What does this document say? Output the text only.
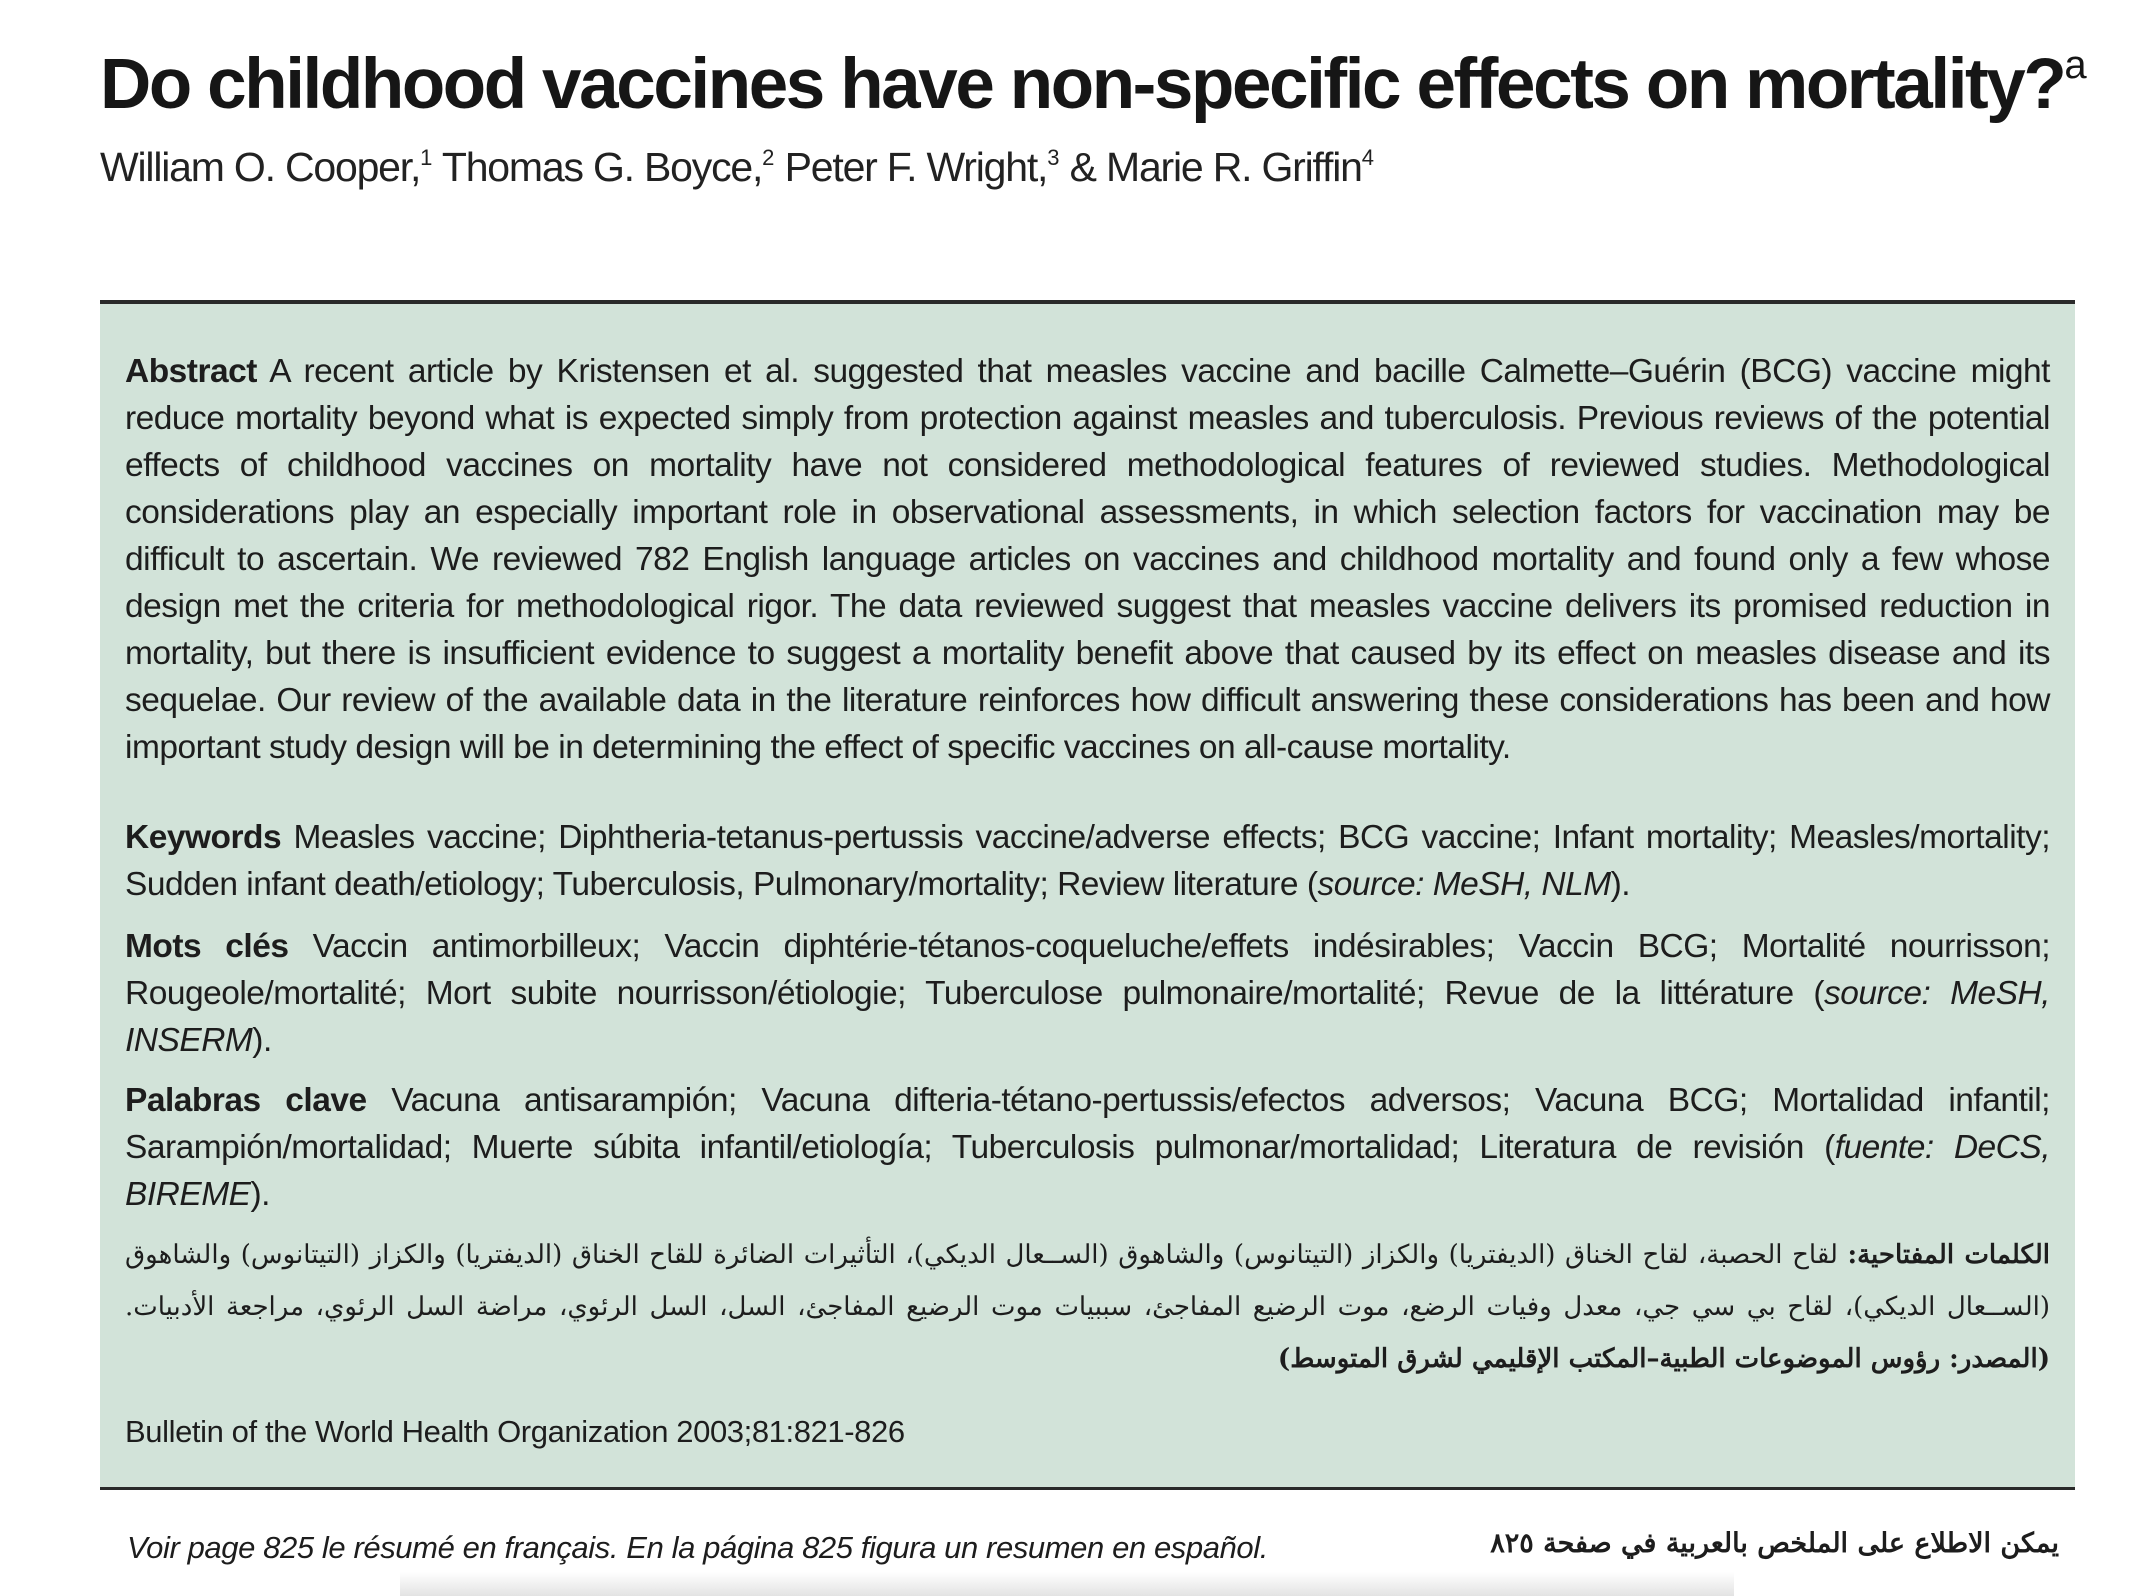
Do childhood vaccines have non-specific effects on mortality?$^a$
William O. Cooper,$^1$ Thomas G. Boyce,$^2$ Peter F. Wright,$^3$ & Marie R. Griffin$^4$
Abstract A recent article by Kristensen et al. suggested that measles vaccine and bacille Calmette–Guérin (BCG) vaccine might reduce mortality beyond what is expected simply from protection against measles and tuberculosis. Previous reviews of the potential effects of childhood vaccines on mortality have not considered methodological features of reviewed studies. Methodological considerations play an especially important role in observational assessments, in which selection factors for vaccination may be difficult to ascertain. We reviewed 782 English language articles on vaccines and childhood mortality and found only a few whose design met the criteria for methodological rigor. The data reviewed suggest that measles vaccine delivers its promised reduction in mortality, but there is insufficient evidence to suggest a mortality benefit above that caused by its effect on measles disease and its sequelae. Our review of the available data in the literature reinforces how difficult answering these considerations has been and how important study design will be in determining the effect of specific vaccines on all-cause mortality.
Keywords Measles vaccine; Diphtheria-tetanus-pertussis vaccine/adverse effects; BCG vaccine; Infant mortality; Measles/mortality; Sudden infant death/etiology; Tuberculosis, Pulmonary/mortality; Review literature (source: MeSH, NLM).
Mots clés Vaccin antimorbilleux; Vaccin diphtérie-tétanos-coqueluche/effets indésirables; Vaccin BCG; Mortalité nourrisson; Rougeole/mortalité; Mort subite nourrisson/étiologie; Tuberculose pulmonaire/mortalité; Revue de la littérature (source: MeSH, INSERM).
Palabras clave Vacuna antisarampión; Vacuna difteria-tétano-pertussis/efectos adversos; Vacuna BCG; Mortalidad infantil; Sarampión/mortalidad; Muerte súbita infantil/etiología; Tuberculosis pulmonar/mortalidad; Literatura de revisión (fuente: DeCS, BIREME).
الكلمات المفتاحية: لقاح الحصبة، لقاح الخناق (الديفتريا) والكزاز (التيتانوس) والشاهوق (الســعال الديكي)، التأثيرات الضائرة للقاح الخناق (الديفتريا) والكزاز (التيتانوس) والشاهوق (الســعال الديكي)، لقاح بي سي جي، معدل وفيات الرضع، موت الرضيع المفاجئ، سببيات موت الرضيع المفاجئ، السل، السل الرئوي، مراضة السل الرئوي، مراجعة الأدبيات. (المصدر: رؤوس الموضوعات الطبية–المكتب الإقليمي لشرق المتوسط)
Bulletin of the World Health Organization 2003;81:821-826
Voir page 825 le résumé en français. En la página 825 figura un resumen en español.	يمكن الاطلاع على الملخص بالعربية في صفحة ٨٢٥
